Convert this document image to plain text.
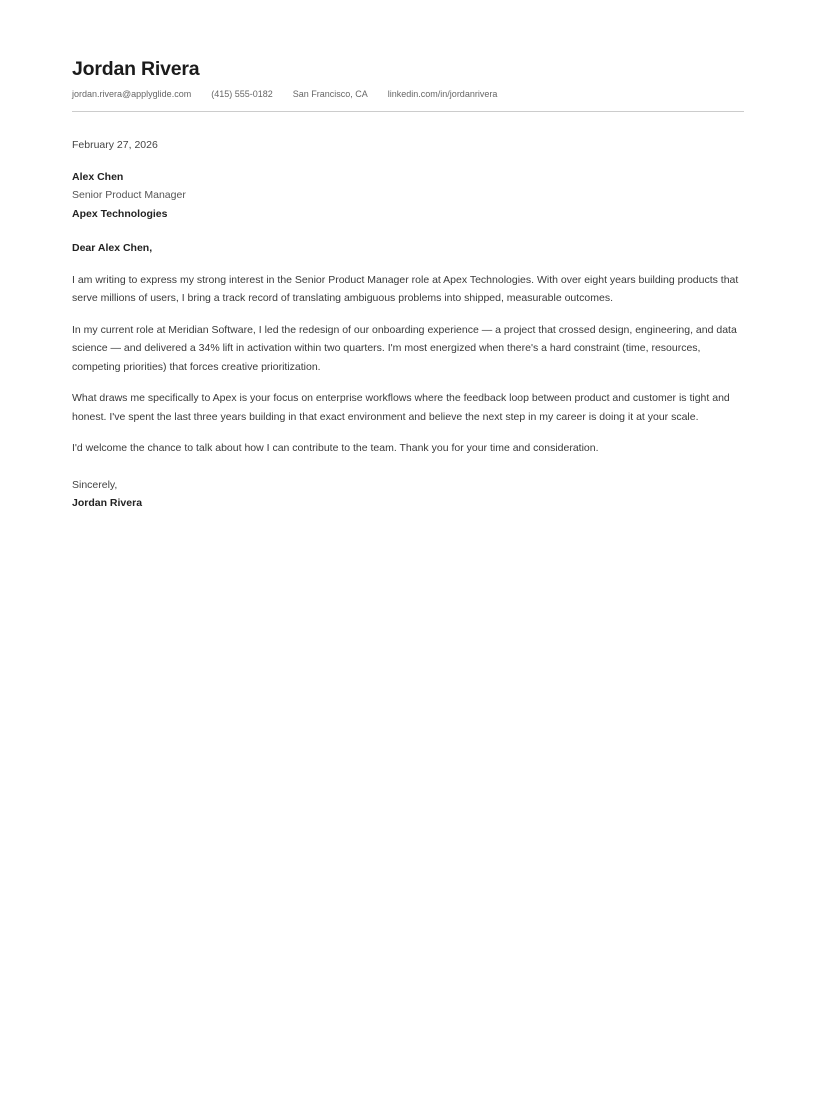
Jordan Rivera
jordan.rivera@applyglide.com (415) 555-0182 San Francisco, CA linkedin.com/in/jordanrivera

February 27, 2026

Alex Chen

Senior Product Manager

Apex Technologies

Dear Alex Chen,

I am writing to express my strong interest in the Senior Product Manager role at Apex Technologies. With over eight years building products that serve millions of users, I bring a track record of translating ambiguous problems into shipped, measurable outcomes.

In my current role at Meridian Software, I led the redesign of our onboarding experience — a project that crossed design, engineering, and data science — and delivered a 34% lift in activation within two quarters. I'm most energized when there's a hard constraint (time, resources, competing priorities) that forces creative prioritization.

What draws me specifically to Apex is your focus on enterprise workflows where the feedback loop between product and customer is tight and honest. I've spent the last three years building in that exact environment and believe the next step in my career is doing it at your scale.

I'd welcome the chance to talk about how I can contribute to the team. Thank you for your time and consideration.

Sincerely,

Jordan Rivera
